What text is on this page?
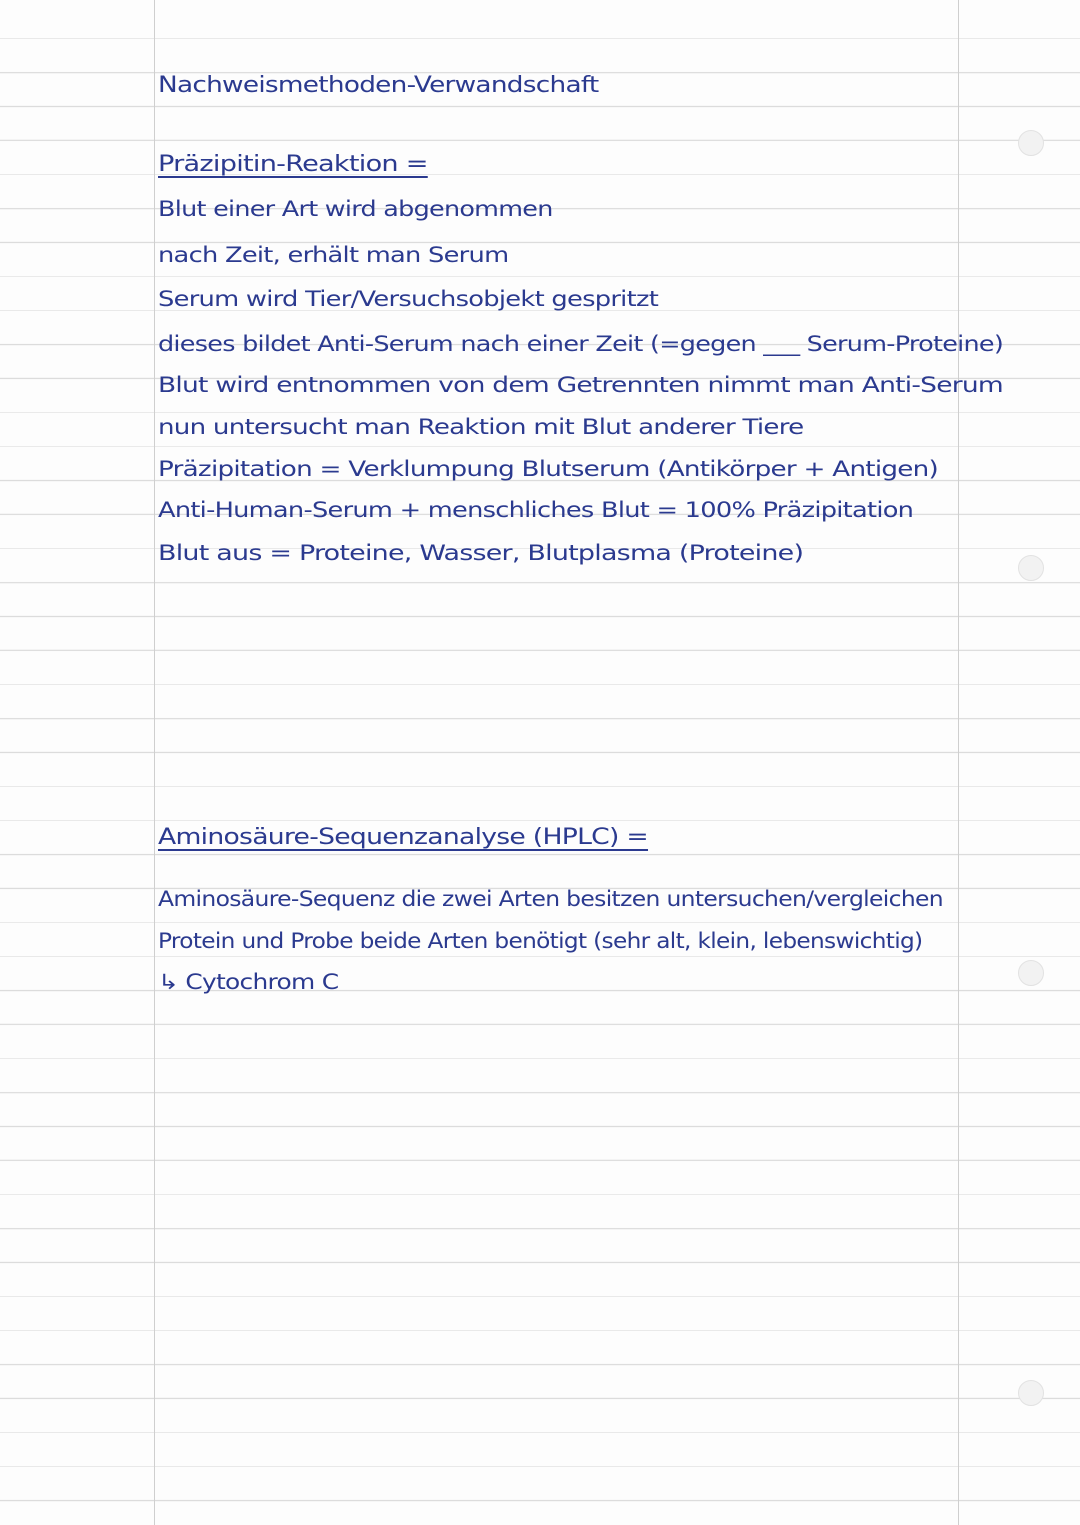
Nachweismethoden-Verwandschaft

Präzipitin-Reaktion =

Blut einer Art wird abgenommen

nach Zeit, erhält man Serum

Serum wird Tier/Versuchsobjekt gespritzt

dieses bildet Anti-Serum nach einer Zeit (=gegen ___ Serum-Proteine)

Blut wird entnommen von dem Getrennten nimmt man Anti-Serum

nun untersucht man Reaktion mit Blut anderer Tiere

Präzipitation = Verklumpung Blutserum (Antikörper + Antigen)

Anti-Human-Serum + menschliches Blut = 100% Präzipitation

Blut aus = Proteine, Wasser, Blutplasma (Proteine)

Aminosäure-Sequenzanalyse (HPLC) =

Aminosäure-Sequenz die zwei Arten besitzen untersuchen/vergleichen

Protein und Probe beide Arten benötigt (sehr alt, klein, lebenswichtig)

↳ Cytochrom C
